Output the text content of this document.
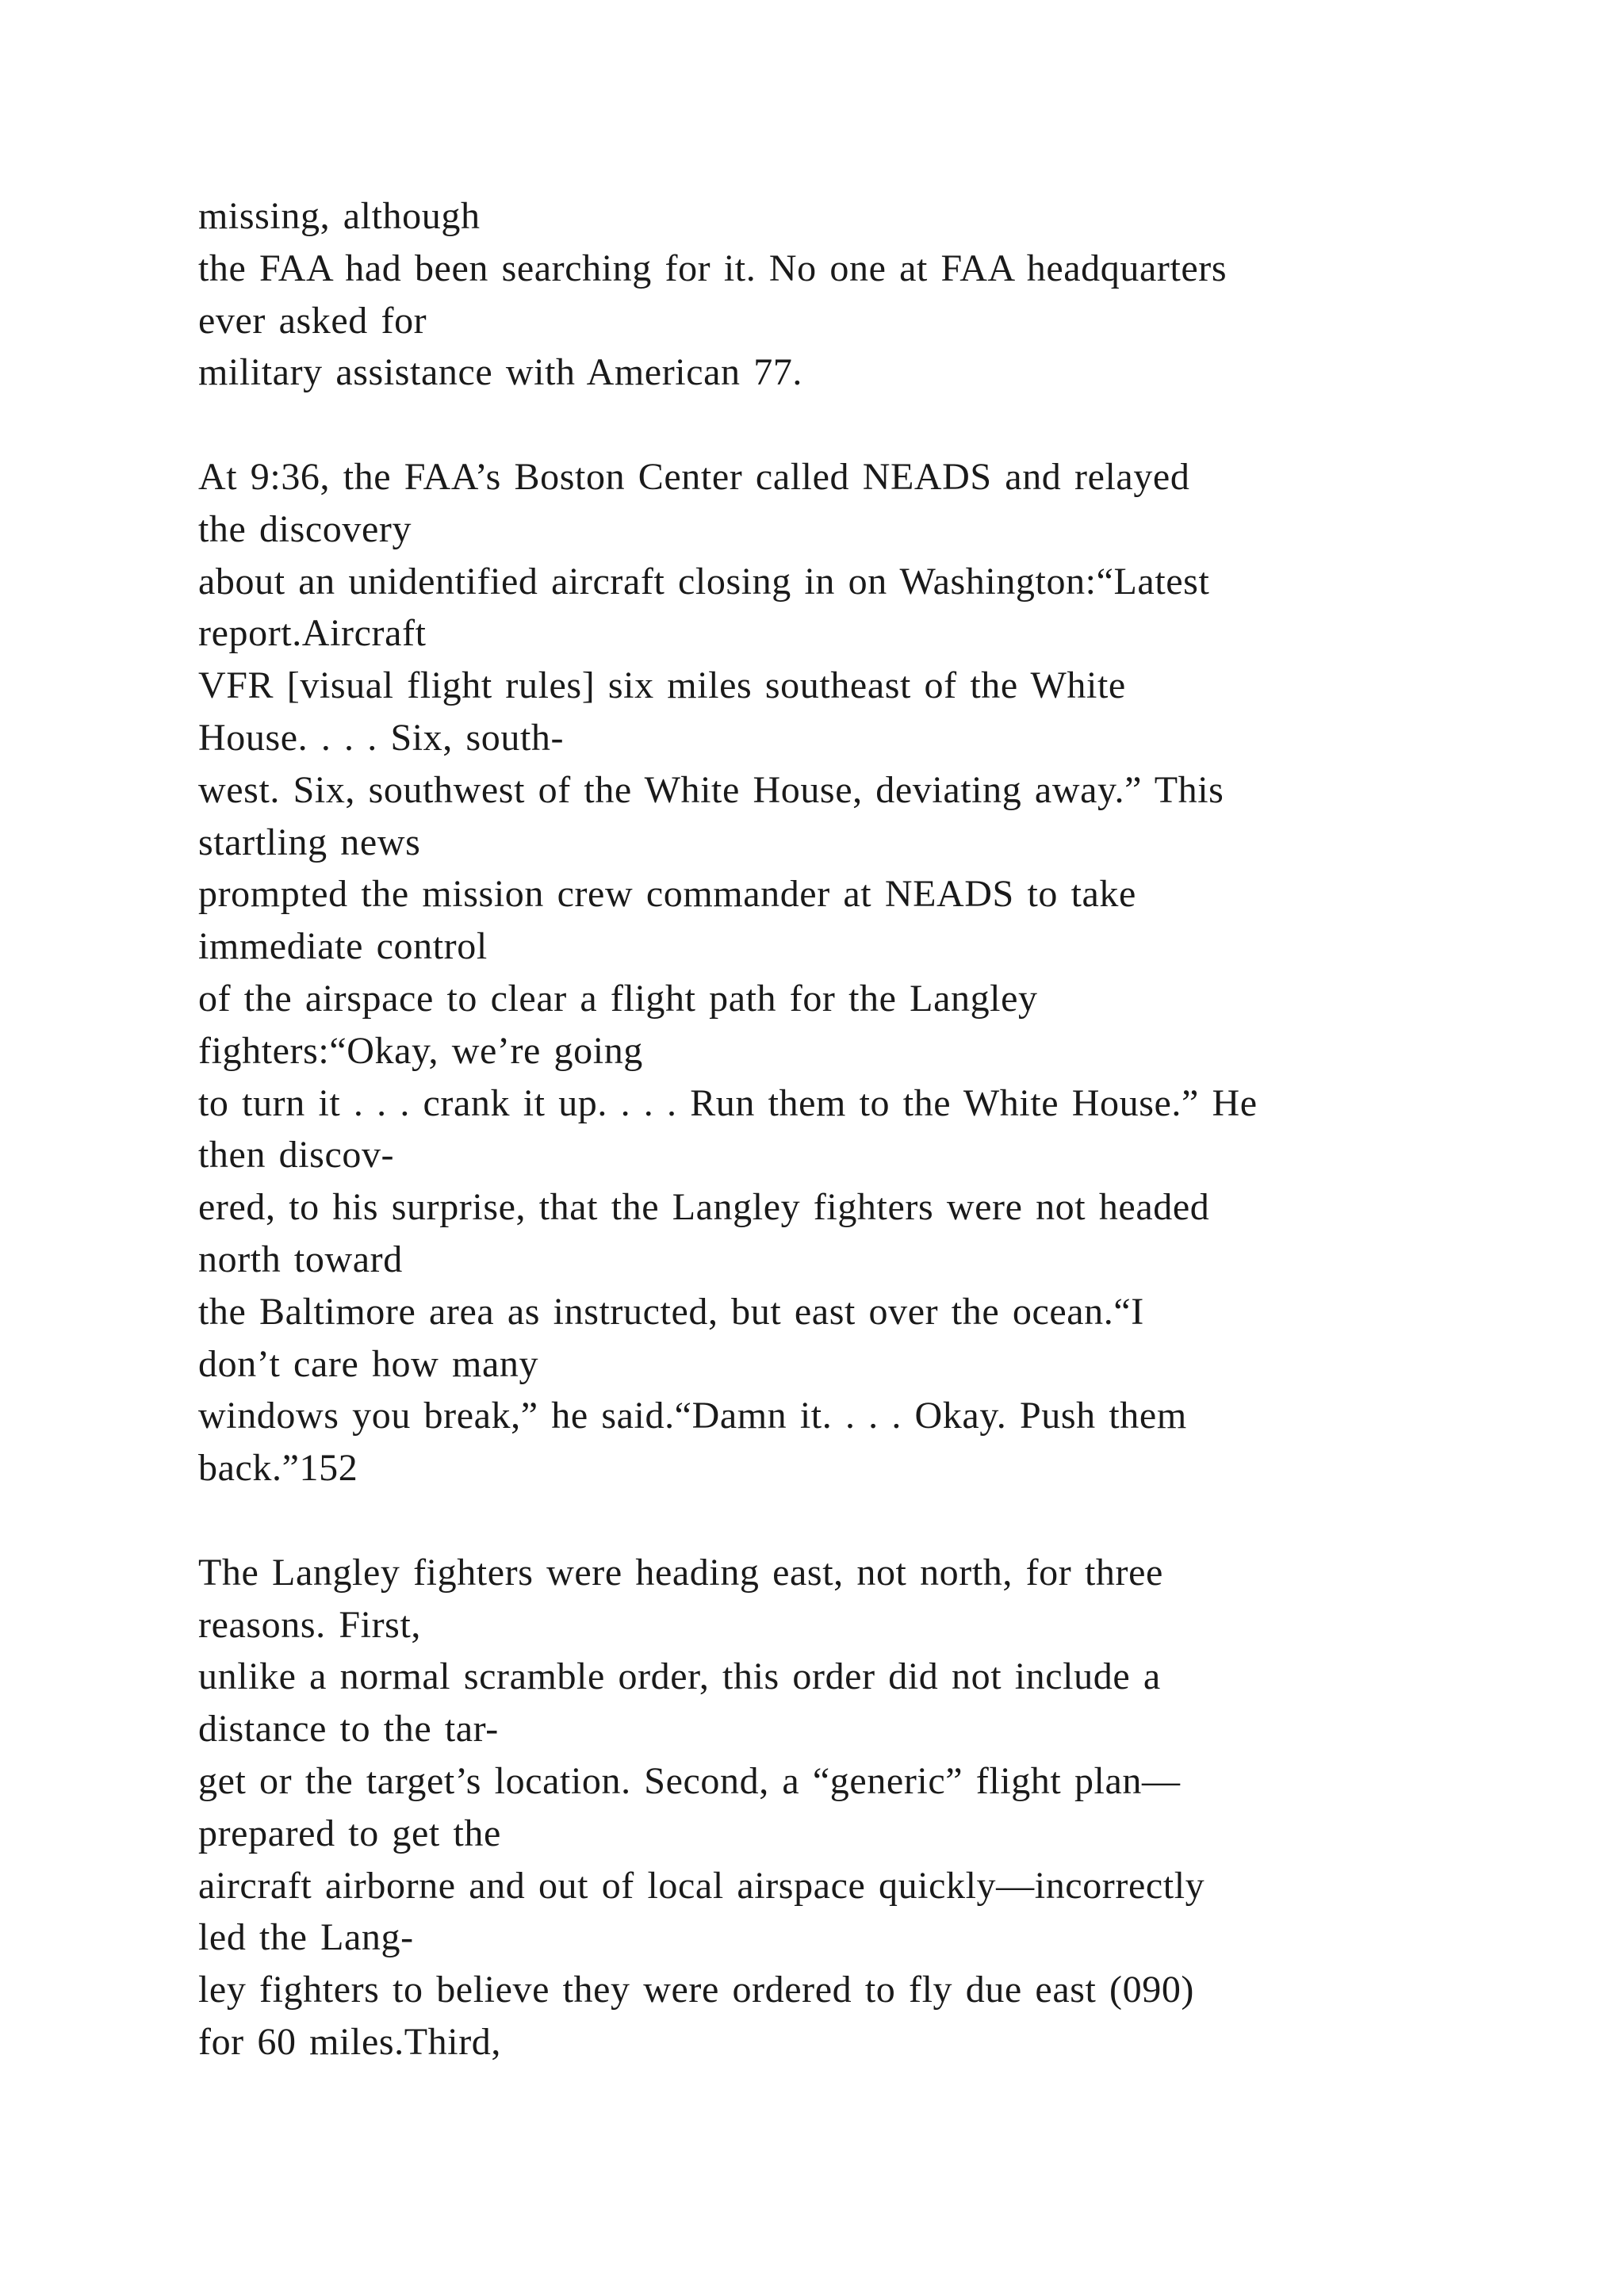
missing, although
the FAA had been searching for it. No one at FAA headquarters
ever asked for
military assistance with American 77.
At 9:36, the FAA’s Boston Center called NEADS and relayed
the discovery
about an unidentified aircraft closing in on Washington:“Latest
report.Aircraft
VFR [visual flight rules] six miles southeast of the White
House. . . . Six, south-
west. Six, southwest of the White House, deviating away.” This
startling news
prompted the mission crew commander at NEADS to take
immediate control
of the airspace to clear a flight path for the Langley
fighters:“Okay, we’re going
to turn it . . . crank it up. . . . Run them to the White House.” He
then discov-
ered, to his surprise, that the Langley fighters were not headed
north toward
the Baltimore area as instructed, but east over the ocean.“I
don’t care how many
windows you break,” he said.“Damn it. . . . Okay. Push them
back.”152
The Langley fighters were heading east, not north, for three
reasons. First,
unlike a normal scramble order, this order did not include a
distance to the tar-
get or the target’s location. Second, a “generic” flight plan—
prepared to get the
aircraft airborne and out of local airspace quickly—incorrectly
led the Lang-
ley fighters to believe they were ordered to fly due east (090)
for 60 miles.Third,
